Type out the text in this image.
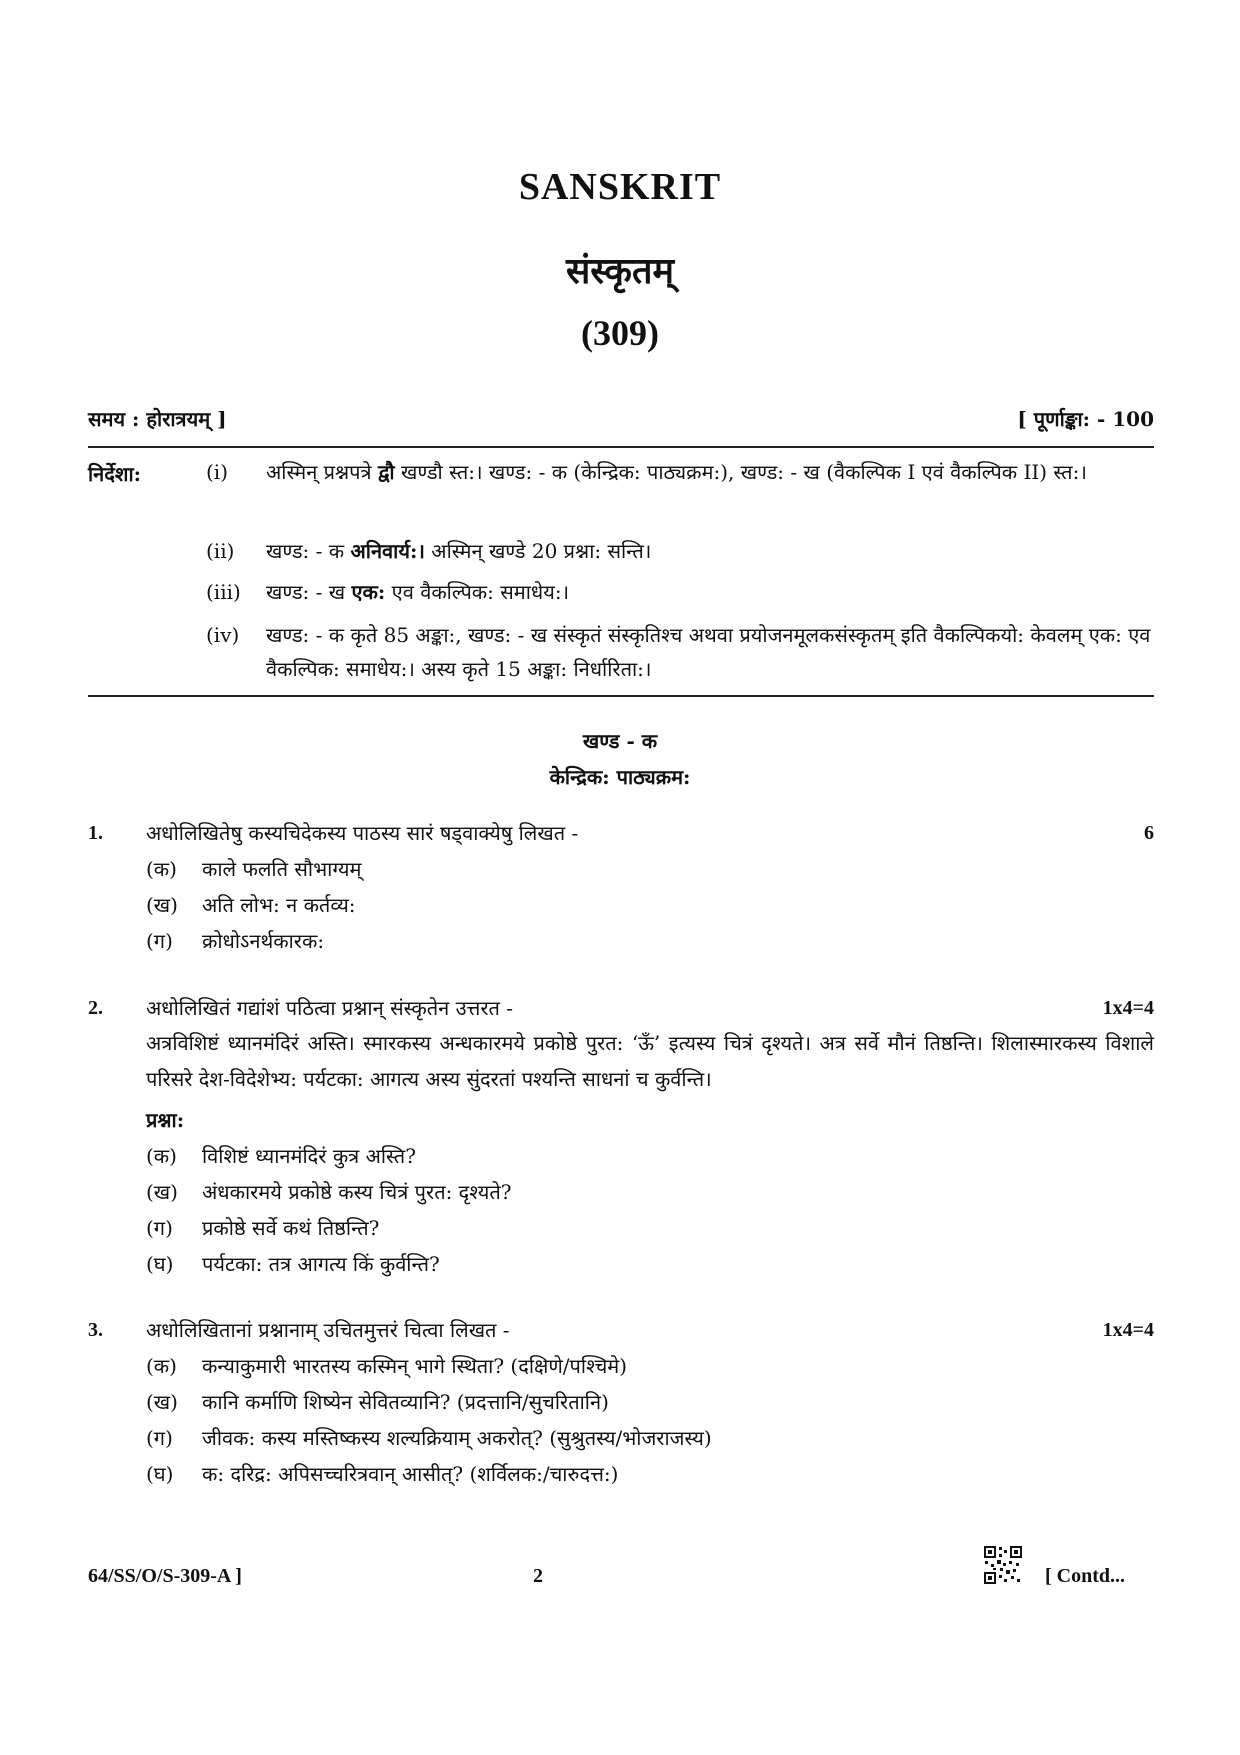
SANSKRIT
संस्कृतम्
(309)
समय : होरात्रयम् ]	[ पूर्णाङ्का: - 100
निर्देशा:	(i)	अस्मिन् प्रश्नपत्रे द्वौ खण्डौ स्त:। खण्ड: - क (केन्द्रिक: पाठ्यक्रम:), खण्ड: - ख (वैकल्पिक I एवं वैकल्पिक II) स्त:।
(ii)	खण्ड: - क अनिवार्य:। अस्मिन् खण्डे 20 प्रश्ना: सन्ति।
(iii)	खण्ड: - ख एक: एव वैकल्पिक: समाधेय:।
(iv)	खण्ड: - क कृते 85 अङ्का:, खण्ड: - ख संस्कृतं संस्कृतिश्च अथवा प्रयोजनमूलकसंस्कृतम् इति वैकल्पिकयो: केवलम् एक: एव वैकल्पिक: समाधेय:। अस्य कृते 15 अङ्का: निर्धारिता:।
खण्ड - क
केन्द्रिक: पाठ्यक्रम:
1. अधोलिखितेषु कस्यचिदेकस्य पाठस्य सारं षड्वाक्येषु लिखत -	6
(क) काले फलति सौभाग्यम्
(ख) अति लोभ: न कर्तव्य:
(ग) क्रोधोऽनर्थकारक:
2. अधोलिखितं गद्यांशं पठित्वा प्रश्नान् संस्कृतेन उत्तरत -	1x4=4
अत्रविशिष्टं ध्यानमंदिरं अस्ति। स्मारकस्य अन्धकारमये प्रकोष्ठे पुरत: ‘ऊँ’ इत्यस्य चित्रं दृश्यते। अत्र सर्वे मौनं तिष्ठन्ति। शिलास्मारकस्य विशाले परिसरे देश-विदेशेभ्य: पर्यटका: आगत्य अस्य सुंदरतां पश्यन्ति साधनां च कुर्वन्ति।
प्रश्ना:
(क) विशिष्टं ध्यानमंदिरं कुत्र अस्ति?
(ख) अंधकारमये प्रकोष्ठे कस्य चित्रं पुरत: दृश्यते?
(ग) प्रकोष्ठे सर्वे कथं तिष्ठन्ति?
(घ) पर्यटका: तत्र आगत्य किं कुर्वन्ति?
3. अधोलिखितानां प्रश्नानाम् उचितमुत्तरं चित्वा लिखत -	1x4=4
(क) कन्याकुमारी भारतस्य कस्मिन् भागे स्थिता? (दक्षिणे/पश्चिमे)
(ख) कानि कर्माणि शिष्येन सेवितव्यानि? (प्रदत्तानि/सुचरितानि)
(ग) जीवक: कस्य मस्तिष्कस्य शल्यक्रियाम् अकरोत्? (सुश्रुतस्य/भोजराजस्य)
(घ) क: दरिद्र: अपिसच्चरित्रवान् आसीत्? (शर्विलक:/चारुदत्त:)
64/SS/O/S-309-A ]	2	[ Contd...
